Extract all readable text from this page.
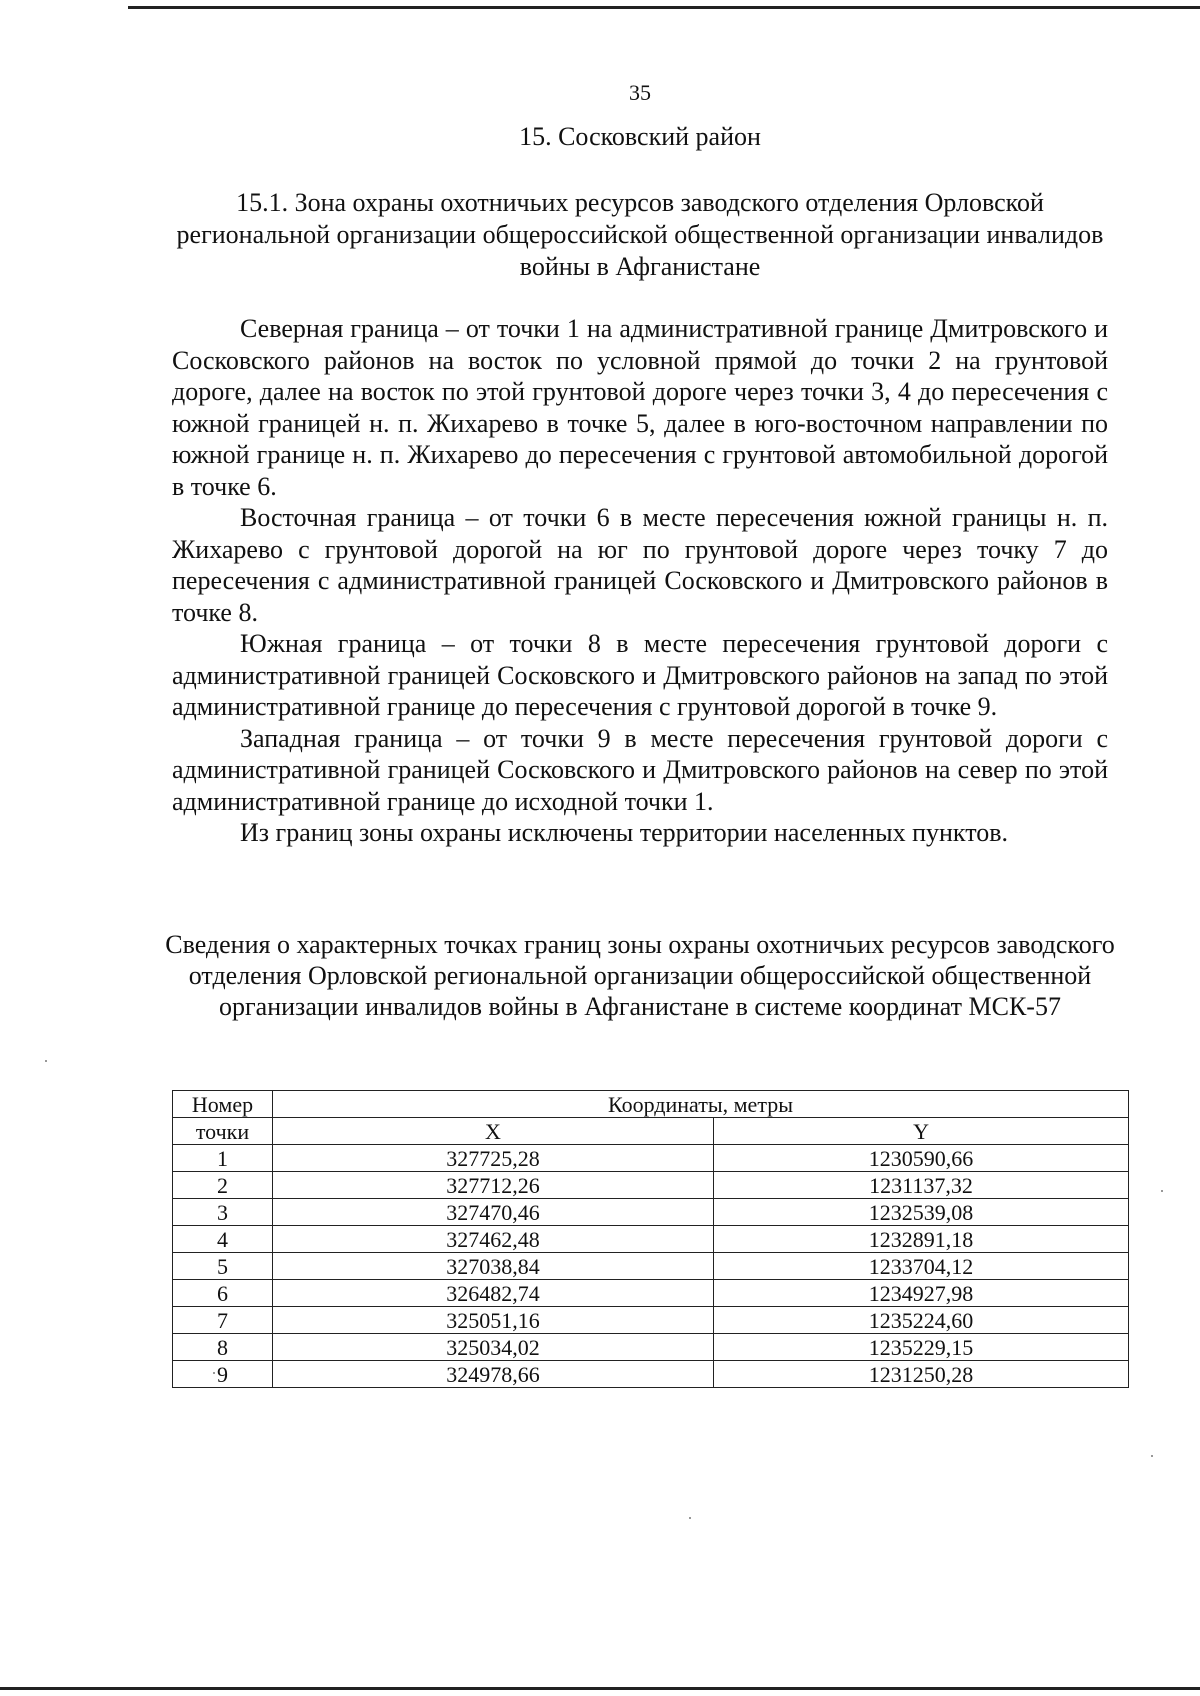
35
15. Сосковский район
15.1. Зона охраны охотничьих ресурсов заводского отделения Орловской региональной организации общероссийской общественной организации инвалидов войны в Афганистане

Северная граница – от точки 1 на административной границе Дмитровского и Сосковского районов на восток по условной прямой до точки 2 на грунтовой дороге, далее на восток по этой грунтовой дороге через точки 3, 4 до пересечения с южной границей н. п. Жихарево в точке 5, далее в юго-восточном направлении по южной границе н. п. Жихарево до пересечения с грунтовой автомобильной дорогой в точке 6.

Восточная граница – от точки 6 в месте пересечения южной границы н. п. Жихарево с грунтовой дорогой на юг по грунтовой дороге через точку 7 до пересечения с административной границей Сосковского и Дмитровского районов в точке 8.

Южная граница – от точки 8 в месте пересечения грунтовой дороги с административной границей Сосковского и Дмитровского районов на запад по этой административной границе до пересечения с грунтовой дорогой в точке 9.

Западная граница – от точки 9 в месте пересечения грунтовой дороги с административной границей Сосковского и Дмитровского районов на север по этой административной границе до исходной точки 1.

Из границ зоны охраны исключены территории населенных пунктов.

Сведения о характерных точках границ зоны охраны охотничьих ресурсов заводского отделения Орловской региональной организации общероссийской общественной организации инвалидов войны в Афганистане в системе координат МСК-57
Номер	Координаты, метры	
точки	X	Y
1	327725,28	1230590,66
2	327712,26	1231137,32
3	327470,46	1232539,08
4	327462,48	1232891,18
5	327038,84	1233704,12
6	326482,74	1234927,98
7	325051,16	1235224,60
8	325034,02	1235229,15
9	324978,66	1231250,28
